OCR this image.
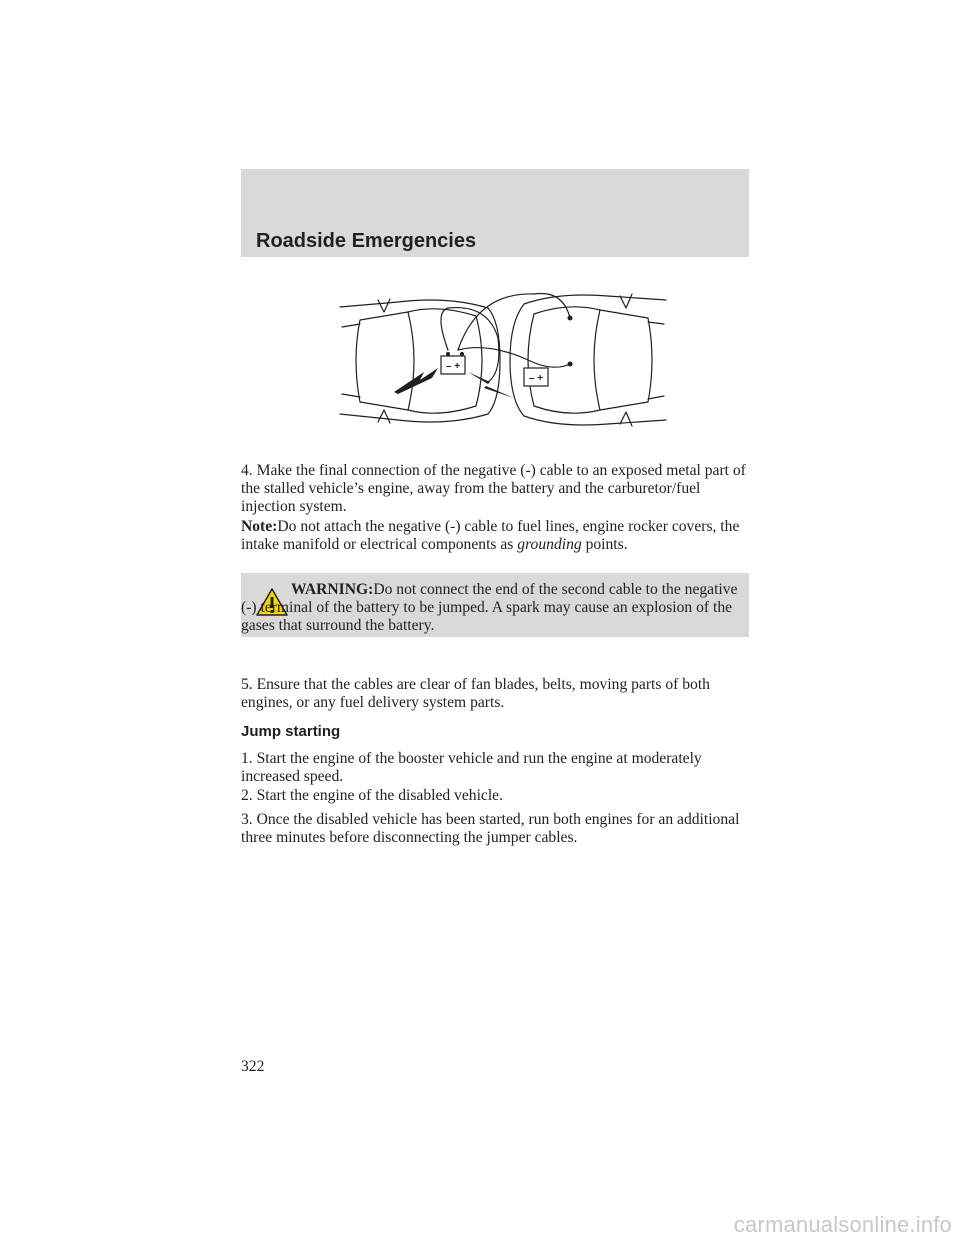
Roadside Emergencies
– +
– +

4. Make the final connection of the negative (-) cable to an exposed metal part of the stalled vehicle’s engine, away from the battery and the carburetor/fuel injection system.

Note:Do not attach the negative (-) cable to fuel lines, engine rocker covers, the intake manifold or electrical components as grounding points.

WARNING:Do not connect the end of the second cable to the negative (-) terminal of the battery to be jumped. A spark may cause an explosion of the gases that surround the battery.

5. Ensure that the cables are clear of fan blades, belts, moving parts of both engines, or any fuel delivery system parts.

Jump starting

1. Start the engine of the booster vehicle and run the engine at moderately increased speed.

2. Start the engine of the disabled vehicle.

3. Once the disabled vehicle has been started, run both engines for an additional three minutes before disconnecting the jumper cables.

322
carmanualsonline.info
